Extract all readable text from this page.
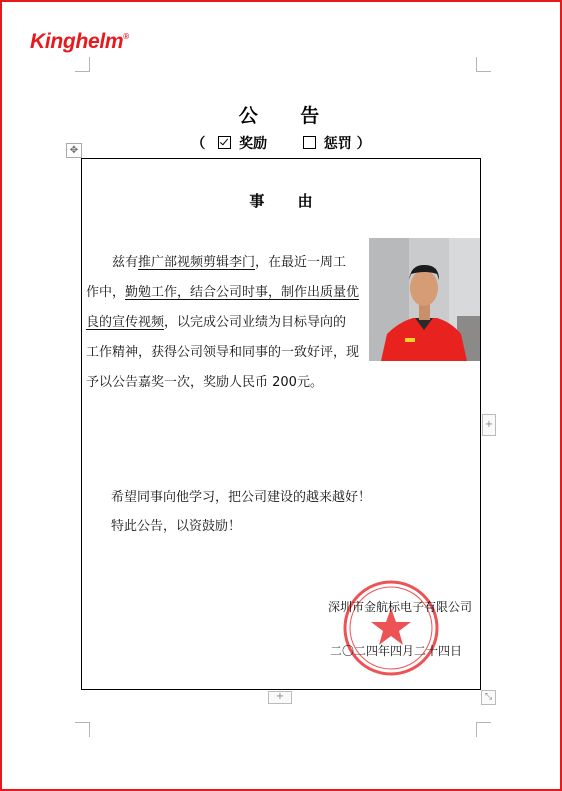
Kinghelm®
公 告
（ 奖励	惩罚 ）
✥
事 由
兹有推广部视频剪辑李门，在最近一周工
作中，勤勉工作，结合公司时事，制作出质量优
良的宣传视频，以完成公司业绩为目标导向的
工作精神，获得公司领导和同事的一致好评，现
予以公告嘉奖一次，奖励人民币 200元。
希望同事向他学习，把公司建设的越来越好！
特此公告，以资鼓励！
深圳市金航标电子有限公司
二〇二四年四月二十四日
+
+	⤡
